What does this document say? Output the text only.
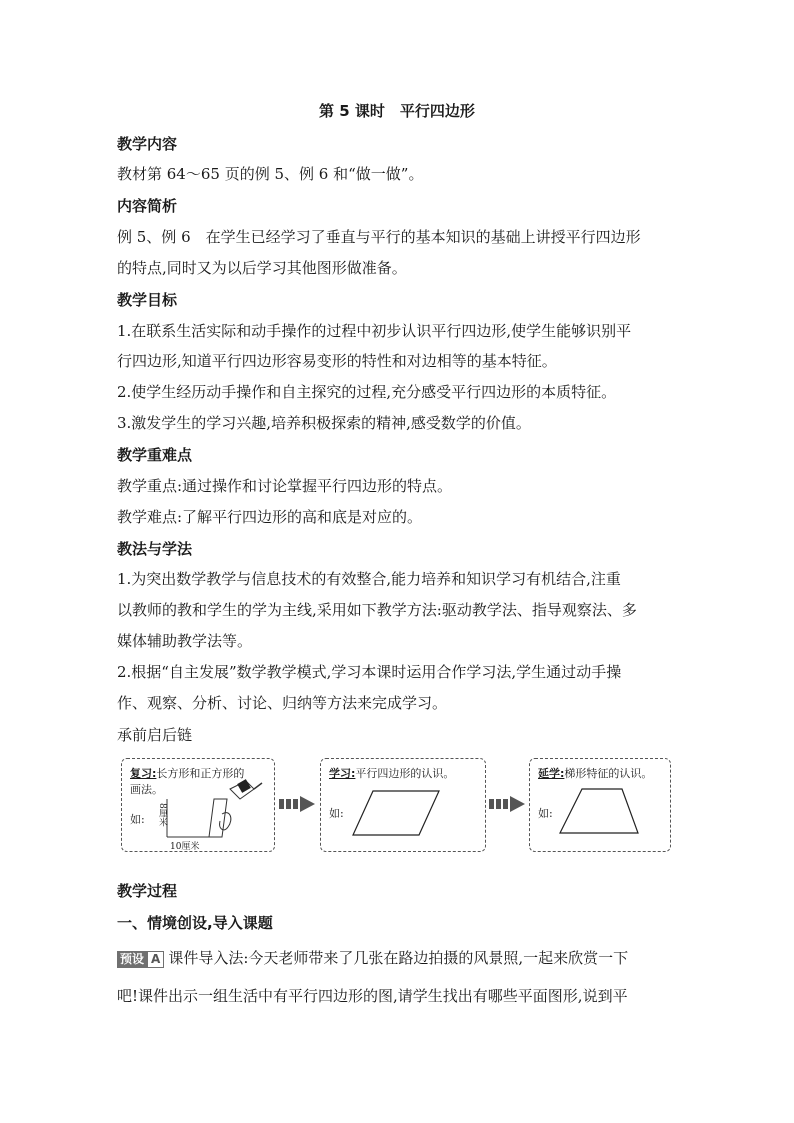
第 5 课时　平行四边形
教学内容
教材第 64～65 页的例 5、例 6 和“做一做”。
内容简析
例 5、例 6　在学生已经学习了垂直与平行的基本知识的基础上讲授平行四边形
的特点,同时又为以后学习其他图形做准备。
教学目标
1.在联系生活实际和动手操作的过程中初步认识平行四边形,使学生能够识别平
行四边形,知道平行四边形容易变形的特性和对边相等的基本特征。
2.使学生经历动手操作和自主探究的过程,充分感受平行四边形的本质特征。
3.激发学生的学习兴趣,培养积极探索的精神,感受数学的价值。
教学重难点
教学重点:通过操作和讨论掌握平行四边形的特点。
教学难点:了解平行四边形的高和底是对应的。
教法与学法
1.为突出数学教学与信息技术的有效整合,能力培养和知识学习有机结合,注重
以教师的教和学生的学为主线,采用如下教学方法:驱动教学法、指导观察法、多
媒体辅助教学法等。
2.根据“自主发展”数学教学模式,学习本课时运用合作学习法,学生通过动手操
作、观察、分析、讨论、归纳等方法来完成学习。
承前启后链
复习:长方形和正方形的
画法。
如: 8厘米
10厘米
学习:平行四边形的认识。
如:
延学:梯形特征的认识。
如:
教学过程
一、情境创设,导入课题
预设 A 课件导入法:今天老师带来了几张在路边拍摄的风景照,一起来欣赏一下
吧!课件出示一组生活中有平行四边形的图,请学生找出有哪些平面图形,说到平
